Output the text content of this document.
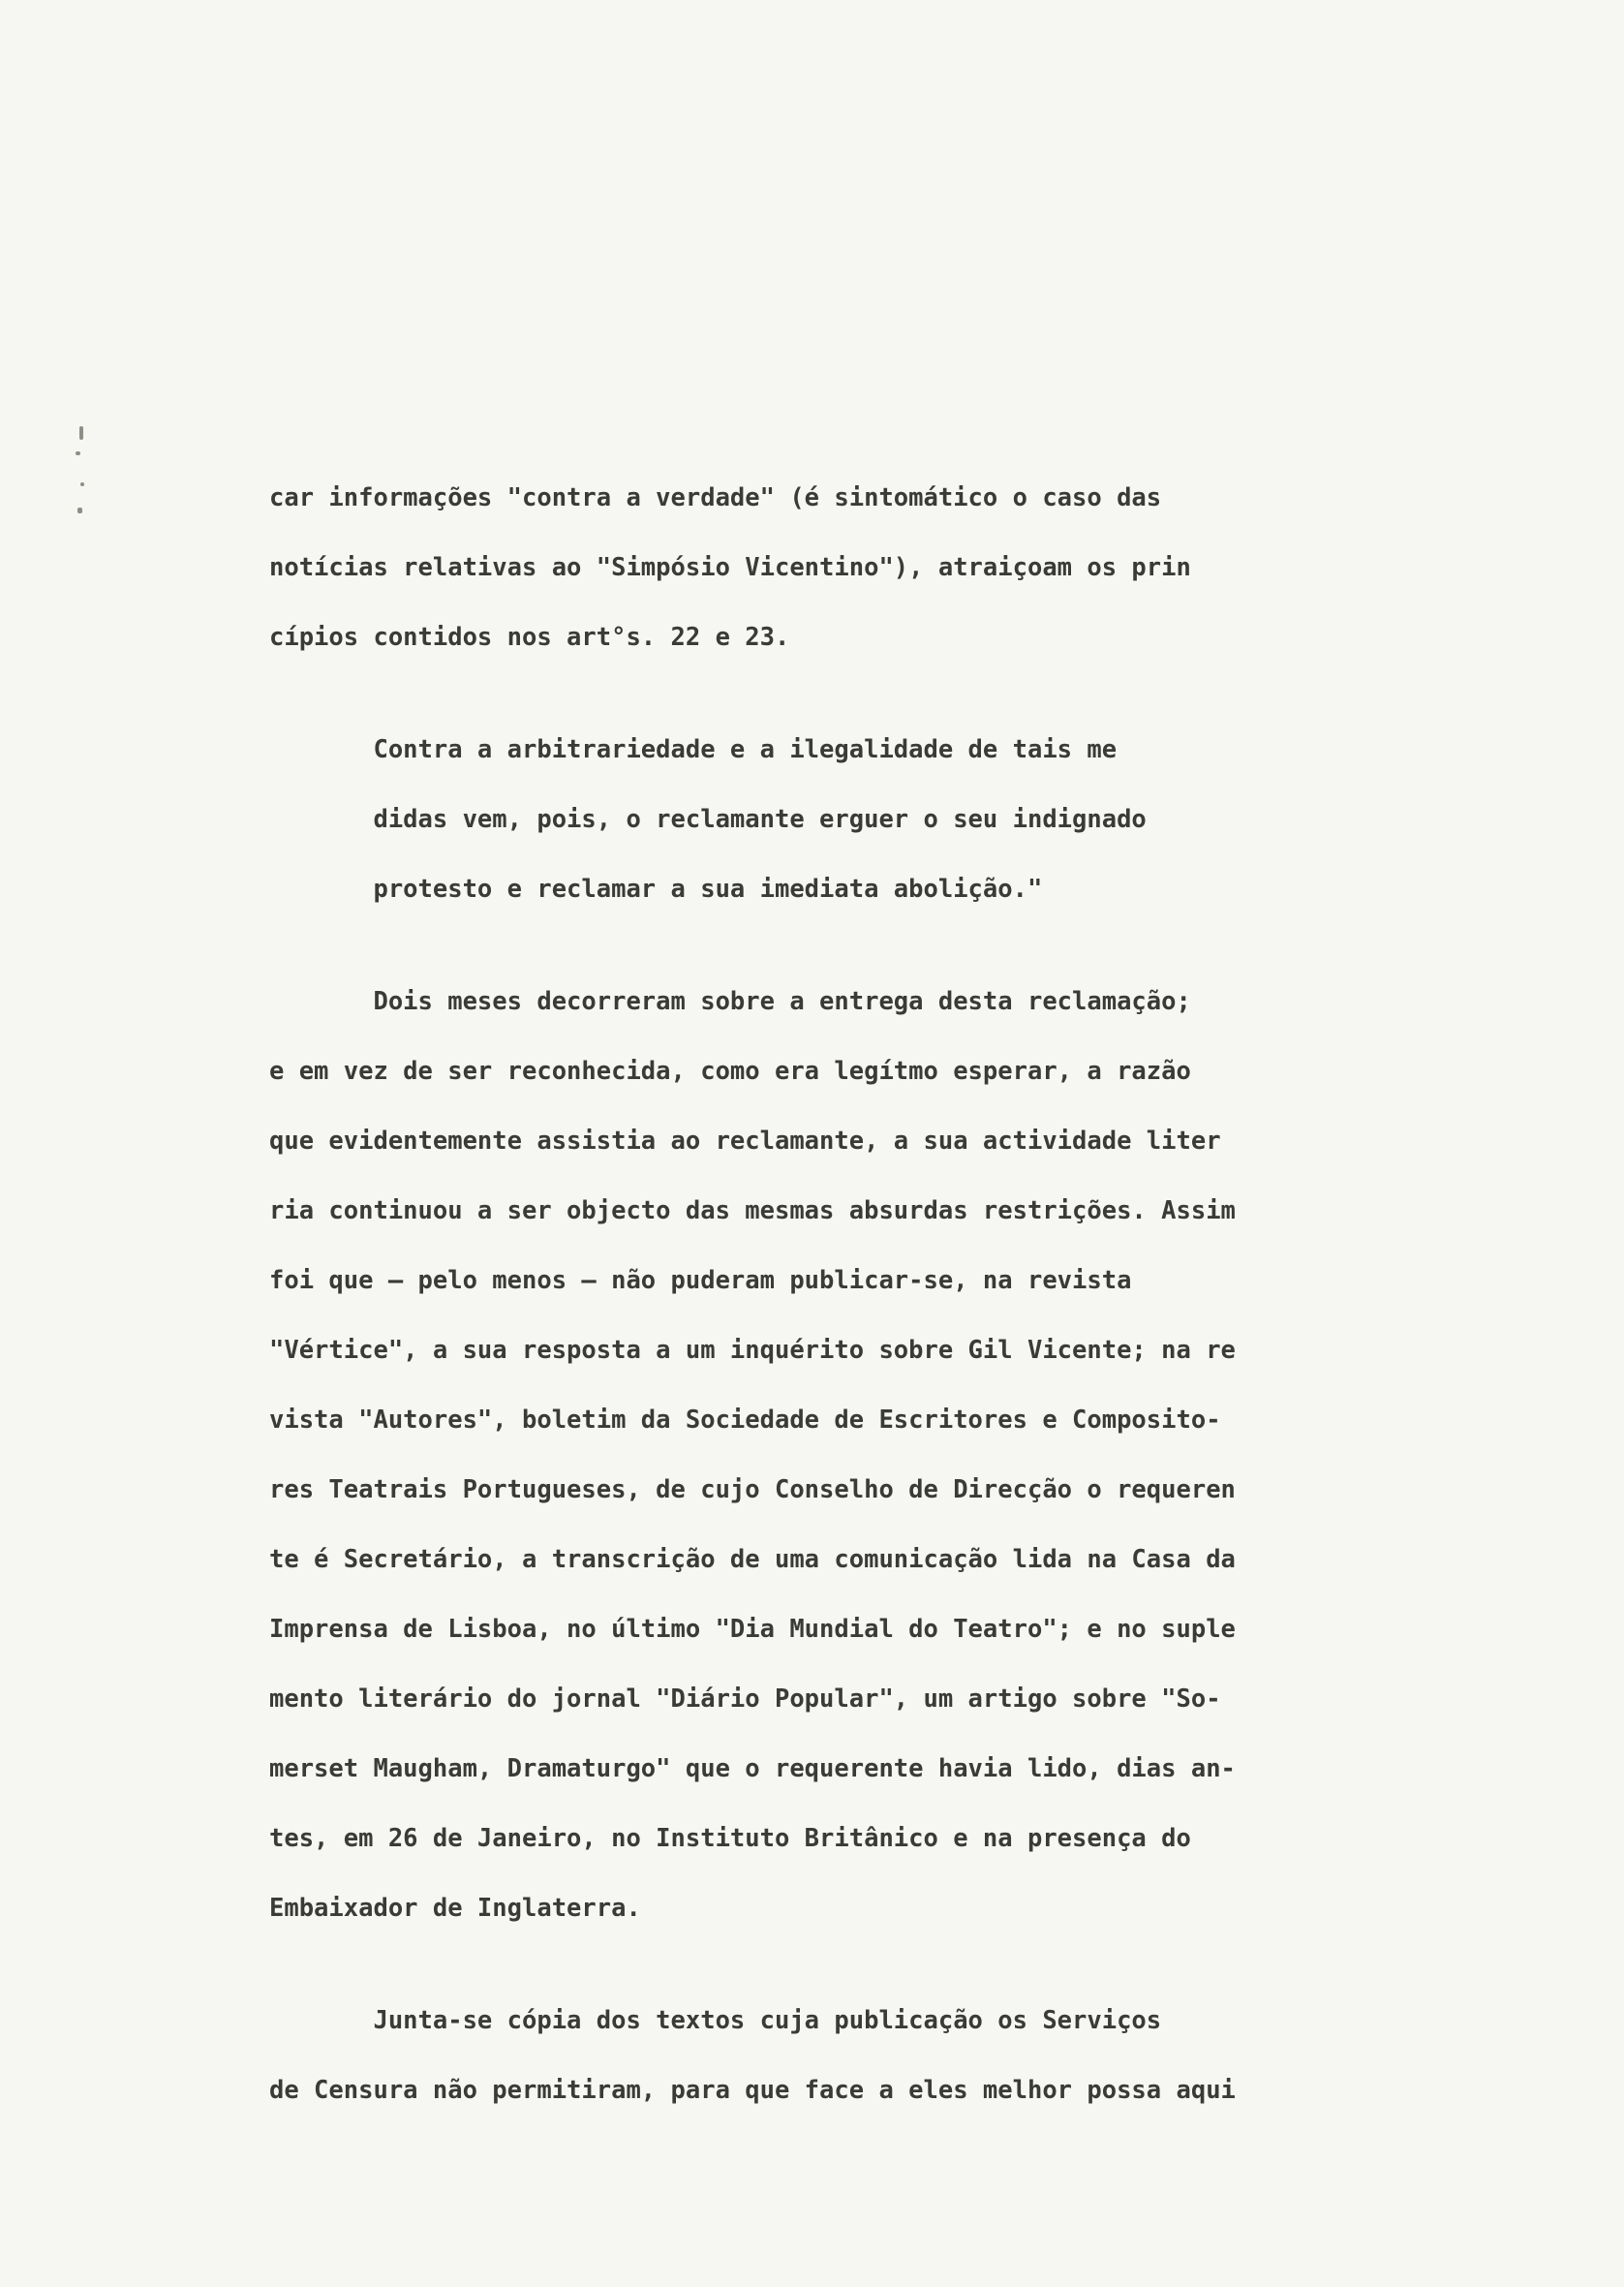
car informações "contra a verdade" (é sintomático o caso das

notícias relativas ao "Simpósio Vicentino"), atraiçoam os prin

cípios contidos nos art°s. 22 e 23.

Contra a arbitrariedade e a ilegalidade de tais me

didas vem, pois, o reclamante erguer o seu indignado

protesto e reclamar a sua imediata abolição."

Dois meses decorreram sobre a entrega desta reclamação;

e em vez de ser reconhecida, como era legítmo esperar, a razão

que evidentemente assistia ao reclamante, a sua actividade liter

ria continuou a ser objecto das mesmas absurdas restrições. Assim

foi que — pelo menos — não puderam publicar-se, na revista

"Vértice", a sua resposta a um inquérito sobre Gil Vicente; na re

vista "Autores", boletim da Sociedade de Escritores e Composito-

res Teatrais Portugueses, de cujo Conselho de Direcção o requeren

te é Secretário, a transcrição de uma comunicação lida na Casa da

Imprensa de Lisboa, no último "Dia Mundial do Teatro"; e no suple

mento literário do jornal "Diário Popular", um artigo sobre "So-

merset Maugham, Dramaturgo" que o requerente havia lido, dias an-

tes, em 26 de Janeiro, no Instituto Britânico e na presença do

Embaixador de Inglaterra.

Junta-se cópia dos textos cuja publicação os Serviços

de Censura não permitiram, para que face a eles melhor possa aqui
